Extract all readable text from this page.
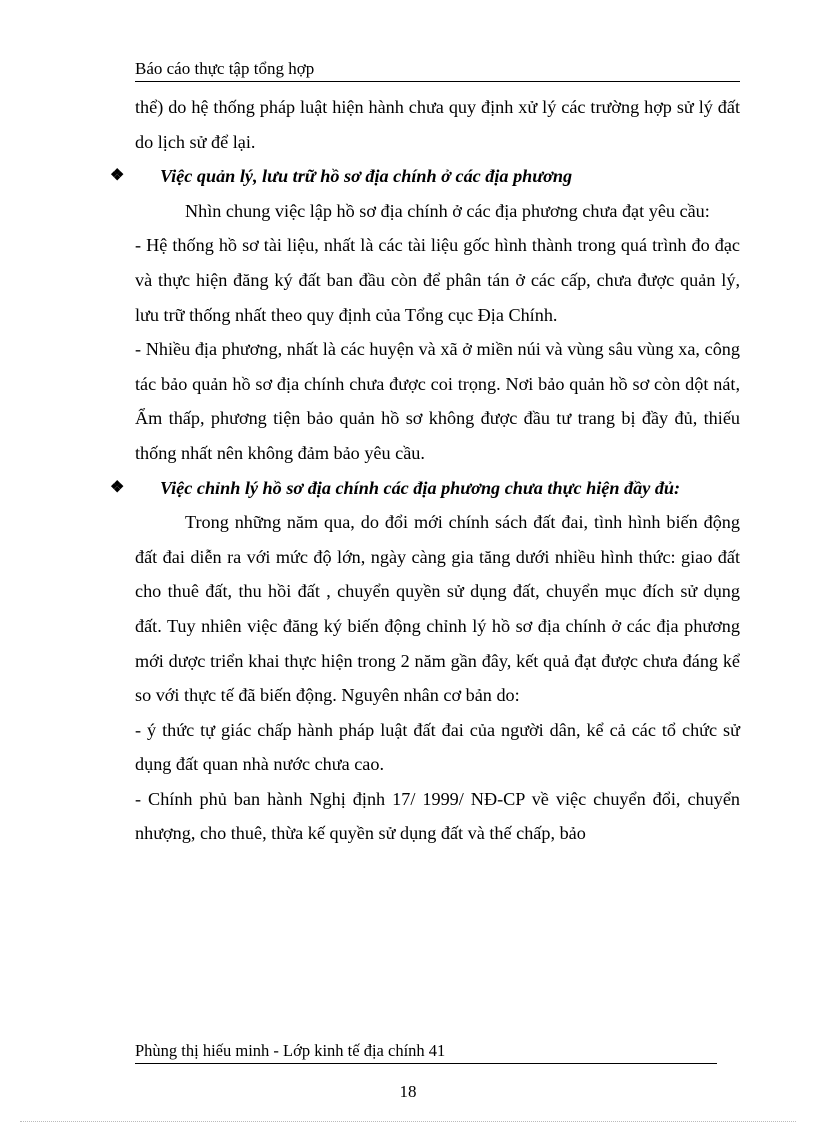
Báo cáo thực tập tổng hợp

thể) do hệ thống pháp luật hiện hành chưa quy định xử lý các trường hợp sử lý đất do lịch sử để lại.

❖ Việc quản lý, lưu trữ hồ sơ địa chính ở các địa phương

Nhìn chung việc lập hồ sơ địa chính ở các địa phương chưa đạt yêu cầu:

- Hệ thống hồ sơ tài liệu, nhất là các tài liệu gốc hình thành trong quá trình đo đạc và thực hiện đăng ký đất ban đầu còn để phân tán ở các cấp, chưa được quản lý, lưu trữ thống nhất theo quy định của Tổng cục Địa Chính.

- Nhiều địa phương, nhất là các huyện và xã ở miền núi và vùng sâu vùng xa, công tác bảo quản hồ sơ địa chính chưa được coi trọng. Nơi bảo quản hồ sơ còn dột nát, Ẩm thấp, phương tiện bảo quản hồ sơ không được đầu tư trang bị đầy đủ, thiếu thống nhất nên không đảm bảo yêu cầu.

❖ Việc chỉnh lý hồ sơ địa chính các địa phương chưa thực hiện đầy đủ:

Trong những năm qua, do đổi mới chính sách đất đai, tình hình biến động đất đai diễn ra với mức độ lớn, ngày càng gia tăng dưới nhiều hình thức: giao đất cho thuê đất, thu hồi đất , chuyển quyền sử dụng đất, chuyển mục đích sử dụng đất. Tuy nhiên việc đăng ký biến động chỉnh lý hồ sơ địa chính ở các địa phương mới dược triển khai thực hiện trong 2 năm gần đây, kết quả đạt được chưa đáng kể so với thực tế đã biến động. Nguyên nhân cơ bản do:

- ý thức tự giác chấp hành pháp luật đất đai của người dân, kể cả các tổ chức sử dụng đất quan nhà nước chưa cao.

- Chính phủ ban hành Nghị định 17/ 1999/ NĐ-CP về việc chuyển đổi, chuyển nhượng, cho thuê, thừa kế quyền sử dụng đất và thế chấp, bảo

Phùng thị hiếu minh - Lớp kinh tế địa chính 41
18
